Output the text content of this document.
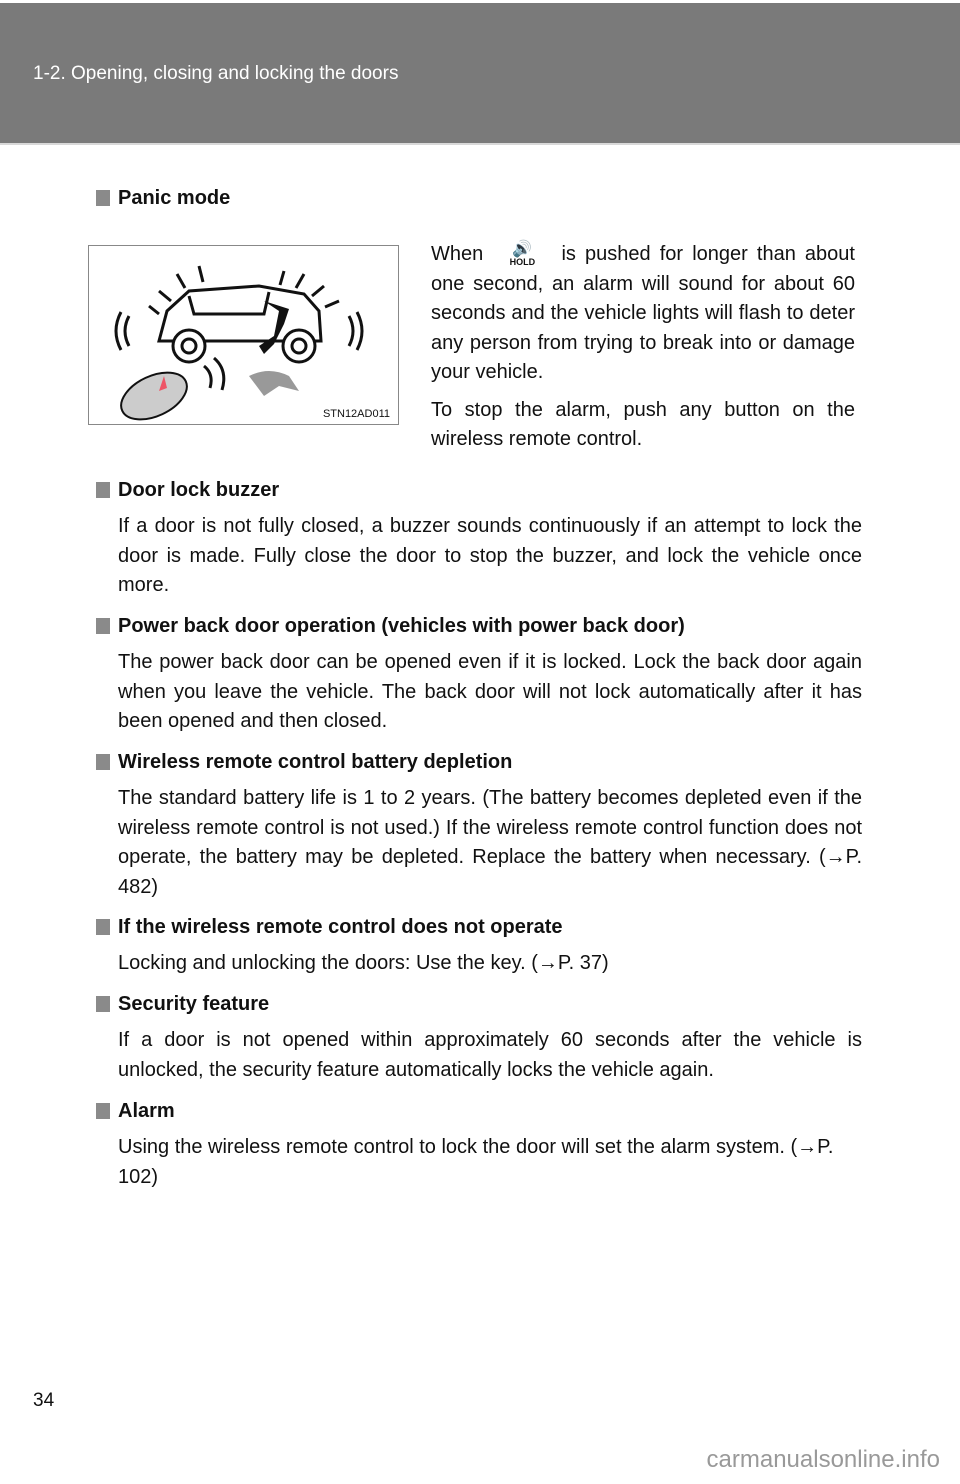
1-2. Opening, closing and locking the doors
Panic mode
STN12AD011

When	🔊
HOLD	is pushed for longer than about one second, an alarm will sound for about 60 seconds and the vehicle lights will flash to deter any person from trying to break into or damage your vehicle.

To stop the alarm, push any button on the wireless remote control.

Door lock buzzer
If a door is not fully closed, a buzzer sounds continuously if an attempt to lock the door is made. Fully close the door to stop the buzzer, and lock the vehicle once more.
Power back door operation (vehicles with power back door)
The power back door can be opened even if it is locked. Lock the back door again when you leave the vehicle. The back door will not lock automatically after it has been opened and then closed.
Wireless remote control battery depletion
The standard battery life is 1 to 2 years. (The battery becomes depleted even if the wireless remote control is not used.) If the wireless remote control function does not operate, the battery may be depleted. Replace the battery when necessary. (→P. 482)
If the wireless remote control does not operate
Locking and unlocking the doors: Use the key. (→P. 37)
Security feature
If a door is not opened within approximately 60 seconds after the vehicle is unlocked, the security feature automatically locks the vehicle again.
Alarm
Using the wireless remote control to lock the door will set the alarm system. (→P. 102)
34
carmanualsonline.info
